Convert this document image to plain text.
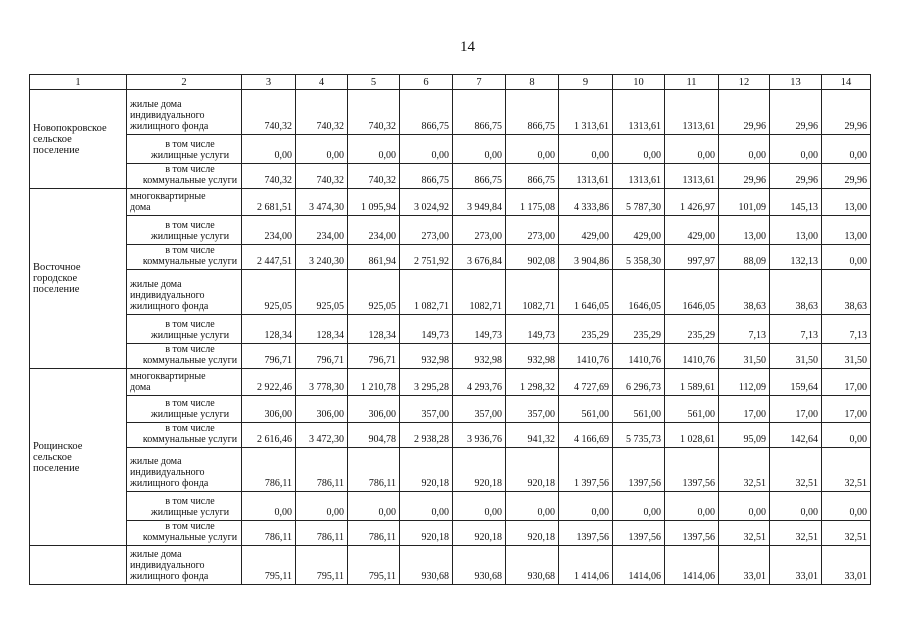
14
1	2	3	4	5	6	7	8	9	10	11	12	13	14

Новопокровское
сельское
поселение	жилые дома
индивидуального
жилищного фонда	740,32	740,32	740,32	866,75	866,75	866,75	1 313,61	1313,61	1313,61	29,96	29,96	29,96

	в том числе
жилищные услуги	0,00	0,00	0,00	0,00	0,00	0,00	0,00	0,00	0,00	0,00	0,00	0,00

	в том числе
коммунальные услуги	740,32	740,32	740,32	866,75	866,75	866,75	1313,61	1313,61	1313,61	29,96	29,96	29,96

Восточное
городское
поселение	многоквартирные
дома	2 681,51	3 474,30	1 095,94	3 024,92	3 949,84	1 175,08	4 333,86	5 787,30	1 426,97	101,09	145,13	13,00

	в том числе
жилищные услуги	234,00	234,00	234,00	273,00	273,00	273,00	429,00	429,00	429,00	13,00	13,00	13,00

	в том числе
коммунальные услуги	2 447,51	3 240,30	861,94	2 751,92	3 676,84	902,08	3 904,86	5 358,30	997,97	88,09	132,13	0,00

	жилые дома
индивидуального
жилищного фонда	925,05	925,05	925,05	1 082,71	1082,71	1082,71	1 646,05	1646,05	1646,05	38,63	38,63	38,63

	в том числе
жилищные услуги	128,34	128,34	128,34	149,73	149,73	149,73	235,29	235,29	235,29	7,13	7,13	7,13

	в том числе
коммунальные услуги	796,71	796,71	796,71	932,98	932,98	932,98	1410,76	1410,76	1410,76	31,50	31,50	31,50

Рощинское
сельское
поселение	многоквартирные
дома	2 922,46	3 778,30	1 210,78	3 295,28	4 293,76	1 298,32	4 727,69	6 296,73	1 589,61	112,09	159,64	17,00

	в том числе
жилищные услуги	306,00	306,00	306,00	357,00	357,00	357,00	561,00	561,00	561,00	17,00	17,00	17,00

	в том числе
коммунальные услуги	2 616,46	3 472,30	904,78	2 938,28	3 936,76	941,32	4 166,69	5 735,73	1 028,61	95,09	142,64	0,00

	жилые дома
индивидуального
жилищного фонда	786,11	786,11	786,11	920,18	920,18	920,18	1 397,56	1397,56	1397,56	32,51	32,51	32,51

	в том числе
жилищные услуги	0,00	0,00	0,00	0,00	0,00	0,00	0,00	0,00	0,00	0,00	0,00	0,00

	в том числе
коммунальные услуги	786,11	786,11	786,11	920,18	920,18	920,18	1397,56	1397,56	1397,56	32,51	32,51	32,51

	жилые дома
индивидуального
жилищного фонда	795,11	795,11	795,11	930,68	930,68	930,68	1 414,06	1414,06	1414,06	33,01	33,01	33,01
